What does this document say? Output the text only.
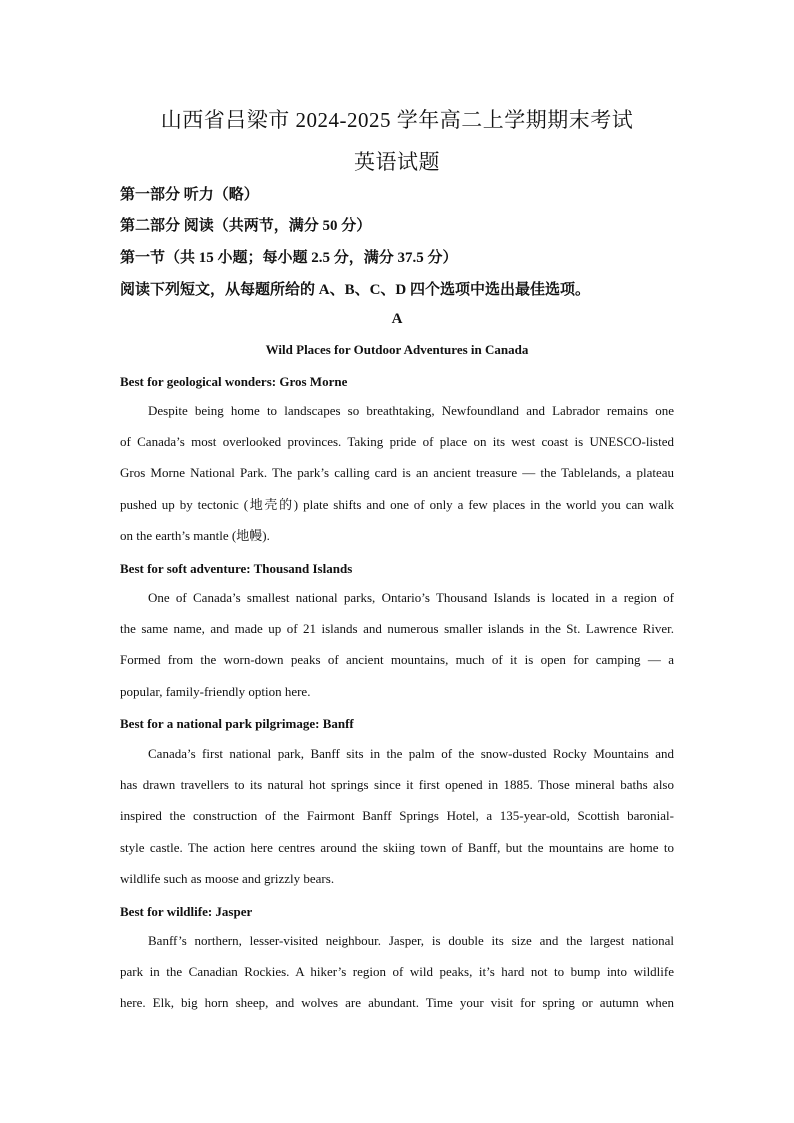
山西省吕梁市 2024-2025 学年高二上学期期末考试
英语试题
第一部分 听力（略）
第二部分 阅读（共两节，满分 50 分）
第一节（共 15 小题；每小题 2.5 分，满分 37.5 分）
阅读下列短文，从每题所给的 A、B、C、D 四个选项中选出最佳选项。
A
Wild Places for Outdoor Adventures in Canada
Best for geological wonders: Gros Morne

Despite being home to landscapes so breathtaking, Newfoundland and Labrador remains one

of Canada’s most overlooked provinces. Taking pride of place on its west coast is UNESCO-listed

Gros Morne National Park. The park’s calling card is an ancient treasure — the Tablelands, a plateau

pushed up by tectonic (地壳的) plate shifts and one of only a few places in the world you can walk

on the earth’s mantle (地幔).

Best for soft adventure: Thousand Islands

One of Canada’s smallest national parks, Ontario’s Thousand Islands is located in a region of

the same name, and made up of 21 islands and numerous smaller islands in the St. Lawrence River.

Formed from the worn-down peaks of ancient mountains, much of it is open for camping — a

popular, family-friendly option here.

Best for a national park pilgrimage: Banff

Canada’s first national park, Banff sits in the palm of the snow-dusted Rocky Mountains and

has drawn travellers to its natural hot springs since it first opened in 1885. Those mineral baths also

inspired the construction of the Fairmont Banff Springs Hotel, a 135-year-old, Scottish baronial-

style castle. The action here centres around the skiing town of Banff, but the mountains are home to

wildlife such as moose and grizzly bears.

Best for wildlife: Jasper

Banff’s northern, lesser-visited neighbour. Jasper, is double its size and the largest national

park in the Canadian Rockies. A hiker’s region of wild peaks, it’s hard not to bump into wildlife

here. Elk, big horn sheep, and wolves are abundant. Time your visit for spring or autumn when
